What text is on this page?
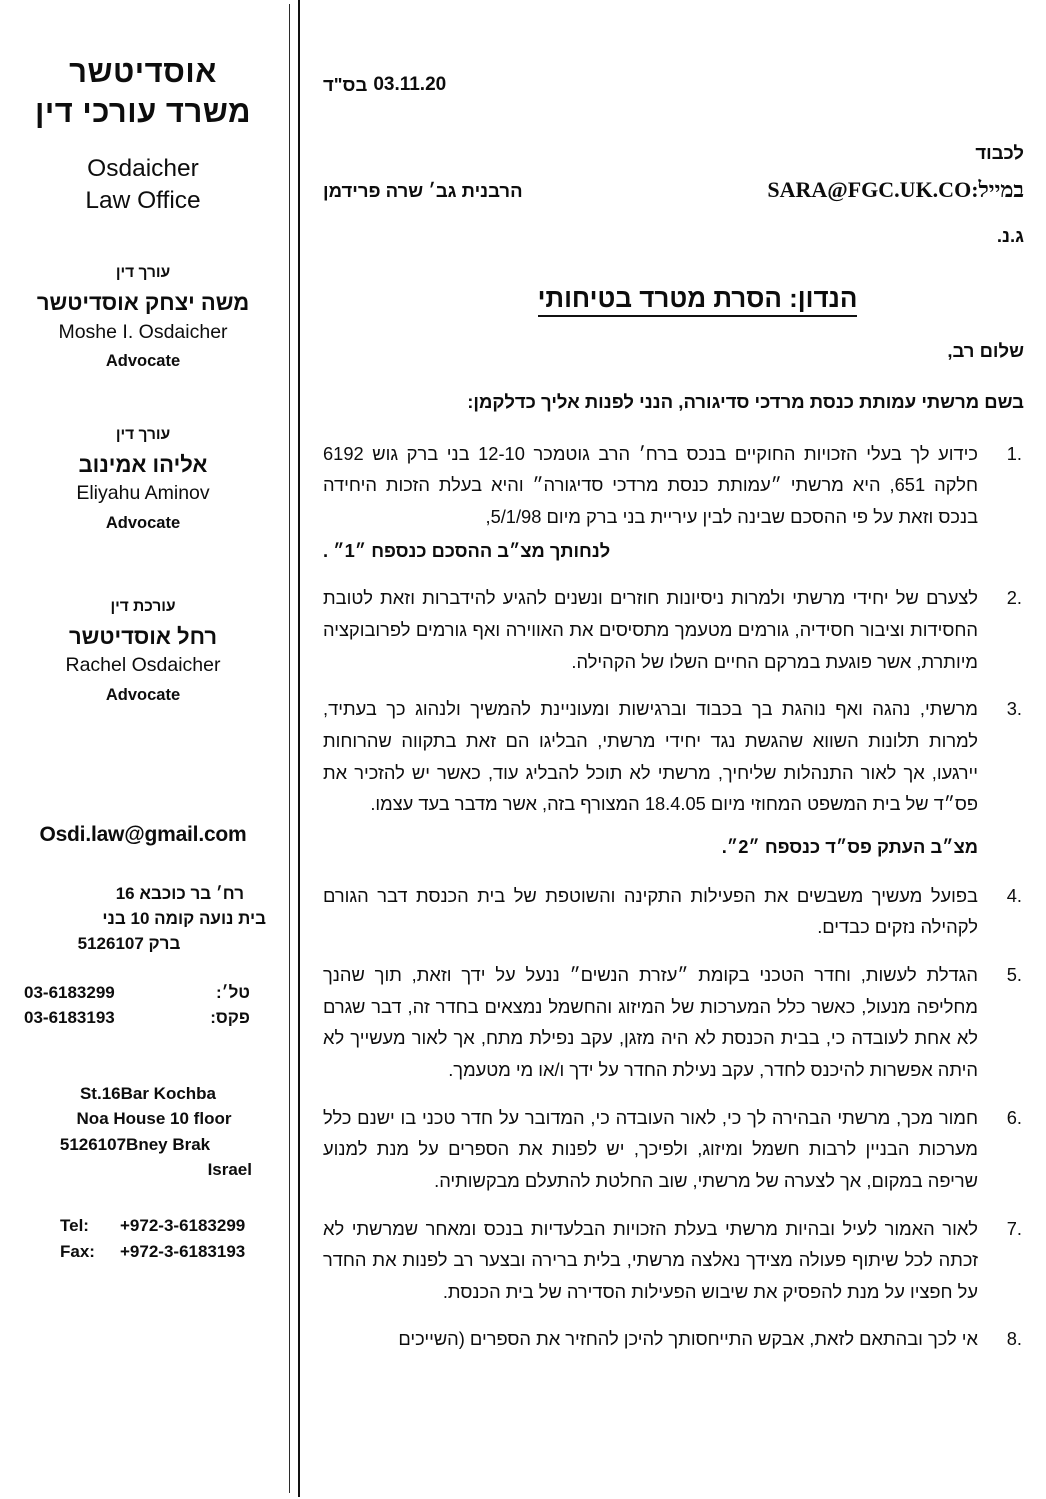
אוסדיטשר
משרד עורכי דין
Osdaicher
Law Office
עורך דין
משה יצחק אוסדיטשר
Moshe I. Osdaicher
Advocate
עורך דין
אליהו אמינוב
Eliyahu Aminov
Advocate
עורכת דין
רחל אוסדיטשר
Rachel Osdaicher
Advocate
Osdi.law@gmail.com
רח׳ בר כוכבא 16
בית נועה קומה 10 בני
ברק 5126107
טל׳:
03-6183299
פקס:
03-6183193
St.16Bar Kochba
Noa House 10 floor
5126107Bney Brak
Israel
Tel:	+972-3-6183299
Fax:	+972-3-6183193
בס"ד 03.11.20
לכבוד
הרבנית גב׳ שרה פרידמן	במייל:SARA@FGC.UK.CO
ג.נ.
הנדון: הסרת מטרד בטיחותי
שלום רב,
בשם מרשתי עמותת כנסת מרדכי סדיגורה, הנני לפנות אליך כדלקמן:
1.

כידוע לך בעלי הזכויות החוקיים בנכס ברח׳ הרב גוטמכר 12-10 בני ברק גוש 6192 חלקה 651, היא מרשתי ״עמותת כנסת מרדכי סדיגורה״ והיא בעלת הזכות היחידה בנכס וזאת על פי ההסכם שבינה לבין עיריית בני ברק מיום 5/1/98,

לנחותך מצ״ב ההסכם כנספח ״1״ .
2.

לצערם של יחידי מרשתי ולמרות ניסיונות חוזרים ונשנים להגיע להידברות וזאת לטובת החסידות וציבור חסידיה, גורמים מטעמך מתסיסים את האווירה ואף גורמים לפרובוקציה מיותרת, אשר פוגעת במרקם החיים השלו של הקהילה.

3.

מרשתי, נהגה ואף נוהגת בך בכבוד וברגישות ומעוניינת להמשיך ולנהוג כך בעתיד, למרות תלונות השווא שהגשת נגד יחידי מרשתי, הבליגו הם זאת בתקווה שהרוחות יירגעו, אך לאור התנהלות שליחיך, מרשתי לא תוכל להבליג עוד, כאשר יש להזכיר את פס״ד של בית המשפט המחוזי מיום 18.4.05 המצורף בזה, אשר מדבר בעד עצמו.

מצ״ב העתק פס״ד כנספח ״2״.
4.

בפועל מעשיך משבשים את הפעילות התקינה והשוטפת של בית הכנסת דבר הגורם לקהילה נזקים כבדים.

5.

הגדלת לעשות, וחדר הטכני בקומת ״עזרת הנשים״ ננעל על ידך וזאת, תוך שהנך מחליפה מנעול, כאשר כלל המערכות של המיזוג והחשמל נמצאים בחדר זה, דבר שגרם לא אחת לעובדה כי, בבית הכנסת לא היה מזגן, עקב נפילת מתח, אך לאור מעשייך לא היתה אפשרות להיכנס לחדר, עקב נעילת החדר על ידך ו/או מי מטעמך.

6.

חמור מכך, מרשתי הבהירה לך כי, לאור העובדה כי, המדובר על חדר טכני בו ישנם כלל מערכות הבניין לרבות חשמל ומיזוג, ולפיכך, יש לפנות את הספרים על מנת למנוע שריפה במקום, אך לצערה של מרשתי, שוב החלטת להתעלם מבקשותיה.

7.

לאור האמור לעיל ובהיות מרשתי בעלת הזכויות הבלעדיות בנכס ומאחר שמרשתי לא זכתה לכל שיתוף פעולה מצידך נאלצה מרשתי, בלית ברירה ובצער רב לפנות את החדר על חפציו על מנת להפסיק את שיבוש הפעילות הסדירה של בית הכנסת.

8.

אי לכך ובהתאם לזאת, אבקש התייחסותך להיכן להחזיר את הספרים (השייכים
